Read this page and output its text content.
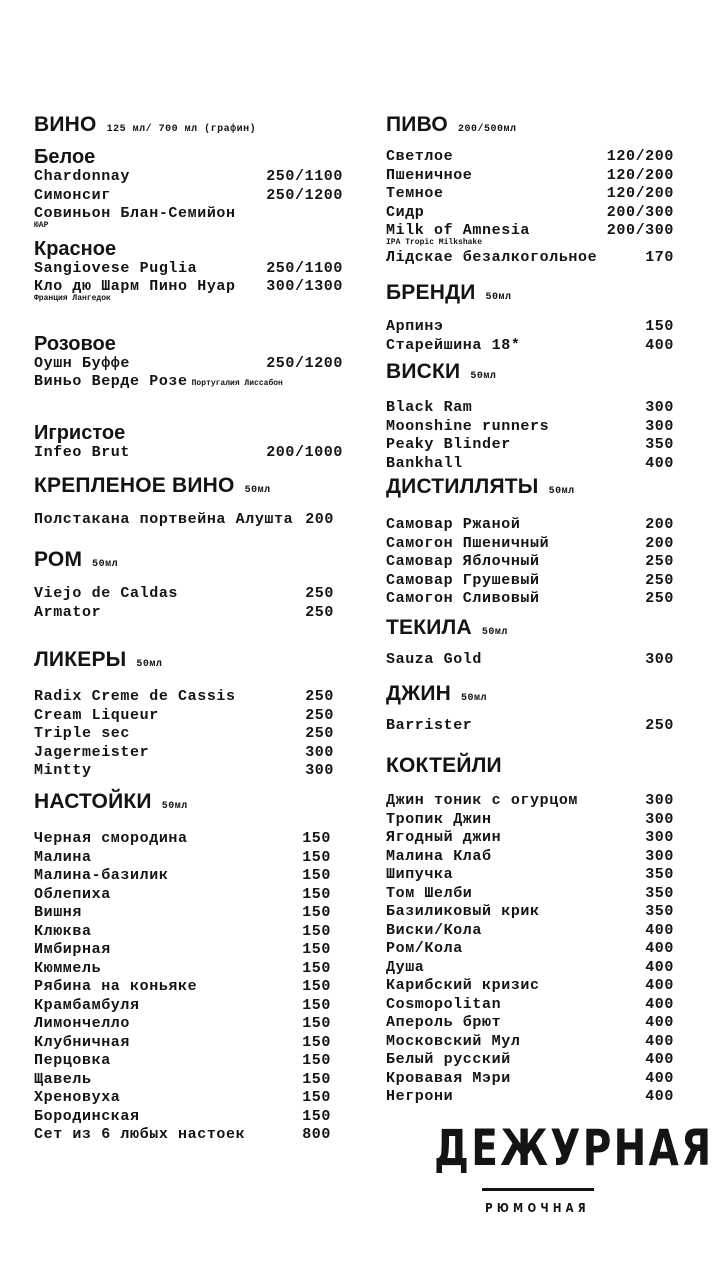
КРЕПЛЕНОЕ ВИНО 50мл
Полстакана портвейна Алушта 200
РОМ 50мл
Viejo de Caldas	250
Armator	250
ЛИКЕРЫ 50мл
Radix Creme de Cassis	250
Cream Liqueur	250
Triple sec	250
Jagermeister	300
Mintty	300
НАСТОЙКИ 50мл
Черная смородина	150
Малина	150
Малина-базилик	150
Облепиха	150
Вишня	150
Клюква	150
Имбирная	150
Кюммель	150
Рябина на коньяке	150
Крамбамбуля	150
Лимончелло	150
Клубничная	150
Перцовка	150
Щавель	150
Хреновуха	150
Бородинская	150
Сет из 6 любых настоек	800
ПИВО 200/500мл
Светлое	120/200
Пшеничное	120/200
Темное	120/200
Сидр	200/300
Milk of Amnesia	200/300
IPA Tropic Milkshake
Лідскае безалкогольное	170
БРЕНДИ 50мл
Арпинэ	150
Старейшина 18*	400
ВИСКИ 50мл
Black Ram	300
Moonshine runners	300
Peaky Blinder	350
Bankhall	400
ДИСТИЛЛЯТЫ 50мл
Самовар Ржаной	200
Самогон Пшеничный	200
Самовар Яблочный	250
Самовар Грушевый	250
Самогон Сливовый	250
ТЕКИЛА 50мл
Sauza Gold	300
ДЖИН 50мл
Barrister	250
КОКТЕЙЛИ
Джин тоник с огурцом	300
Тропик Джин	300
Ягодный джин	300
Малина Клаб	300
Шипучка	350
Том Шелби	350
Базиликовый крик	350
Виски/Кола	400
Ром/Кола	400
Душа	400
Карибский кризис	400
Cosmopolitan	400
Апероль брют	400
Московский Мул	400
Белый русский	400
Кровавая Мэри	400
Негрони	400
ВИНО 125 мл/ 700 мл (графин)
Белое
Chardonnay	250/1100
Симонсиг	250/1200
Совиньон Блан-Семийон
ЮАР
Красное
Sangiovese Puglia	250/1100
Кло дю Шарм Пино Нуар 300/1300
Франция Лангедок
Розовое
Оушн Буффе	250/1200
Виньо Верде Розе Португалия Лиссабон
Игристое
Infeo Brut	200/1000
ДЕЖУРНАЯ
РЮМОЧНАЯ
